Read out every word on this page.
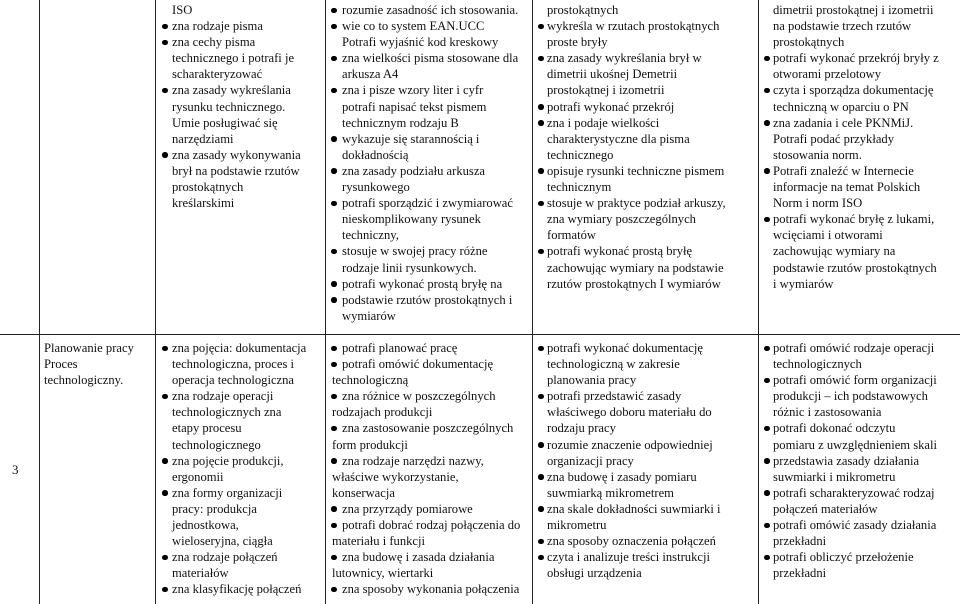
3
Planowanie pracy
Proces
technologiczny.
ISO
zna rodzaje pisma
zna cechy pisma
technicznego i potrafi je
scharakteryzować
zna zasady wykreślania
rysunku technicznego.
Umie posługiwać się
narzędziami
zna zasady wykonywania
brył na podstawie rzutów
prostokątnych
kreślarskimi
rozumie zasadność ich stosowania.
wie co to system EAN.UCC
Potrafi wyjaśnić kod kreskowy
zna wielkości pisma stosowane dla
arkusza A4
zna i pisze wzory liter i cyfr
potrafi napisać tekst pismem
technicznym rodzaju B
wykazuje się starannością i
dokładnością
zna zasady podziału arkusza
rysunkowego
potrafi sporządzić i zwymiarować
nieskomplikowany rysunek
techniczny,
stosuje w swojej pracy różne
rodzaje linii rysunkowych.
potrafi wykonać prostą bryłę na
podstawie rzutów prostokątnych i
wymiarów
prostokątnych
wykreśla w rzutach prostokątnych
proste bryły
zna zasady wykreślania brył w
dimetrii ukośnej Demetrii
prostokątnej i izometrii
potrafi wykonać przekrój
zna i podaje wielkości
charakterystyczne dla pisma
technicznego
opisuje rysunki techniczne pismem
technicznym
stosuje w praktyce podział arkuszy,
zna wymiary poszczególnych
formatów
potrafi wykonać prostą bryłę
zachowując wymiary na podstawie
rzutów prostokątnych I wymiarów
dimetrii prostokątnej i izometrii
na podstawie trzech rzutów
prostokątnych
potrafi wykonać przekrój bryły z
otworami przelotowy
czyta i sporządza dokumentację
techniczną w oparciu o PN
zna zadania i cele PKNMiJ.
Potrafi podać przykłady
stosowania norm.
Potrafi znaleźć w Internecie
informacje na temat Polskich
Norm i norm ISO
potrafi wykonać bryłę z lukami,
wcięciami i otworami
zachowując wymiary na
podstawie rzutów prostokątnych
i wymiarów
zna pojęcia: dokumentacja
technologiczna, proces i
operacja technologiczna
zna rodzaje operacji
technologicznych zna
etapy procesu
technologicznego
zna pojęcie produkcji,
ergonomii
zna formy organizacji
pracy: produkcja
jednostkowa,
wieloseryjna, ciągła
zna rodzaje połączeń
materiałów
zna klasyfikację połączeń
potrafi planować pracę
potrafi omówić dokumentację
technologiczną
zna różnice w poszczególnych
rodzajach produkcji
zna zastosowanie poszczególnych
form produkcji
zna rodzaje narzędzi nazwy,
właściwe wykorzystanie,
konserwacja
zna przyrządy pomiarowe
potrafi dobrać rodzaj połączenia do
materiału i funkcji
zna budowę i zasada działania
lutownicy, wiertarki
zna sposoby wykonania połączenia
potrafi wykonać dokumentację
technologiczną w zakresie
planowania pracy
potrafi przedstawić zasady
właściwego doboru materiału do
rodzaju pracy
rozumie znaczenie odpowiedniej
organizacji pracy
zna budowę i zasady pomiaru
suwmiarką mikrometrem
zna skale dokładności suwmiarki i
mikrometru
zna sposoby oznaczenia połączeń
czyta i analizuje treści instrukcji
obsługi urządzenia
potrafi omówić rodzaje operacji
technologicznych
potrafi omówić form organizacji
produkcji – ich podstawowych
różnic i zastosowania
potrafi dokonać odczytu
pomiaru z uwzględnieniem skali
przedstawia zasady działania
suwmiarki i mikrometru
potrafi scharakteryzować rodzaj
połączeń materiałów
potrafi omówić zasady działania
przekładni
potrafi obliczyć przełożenie
przekładni
